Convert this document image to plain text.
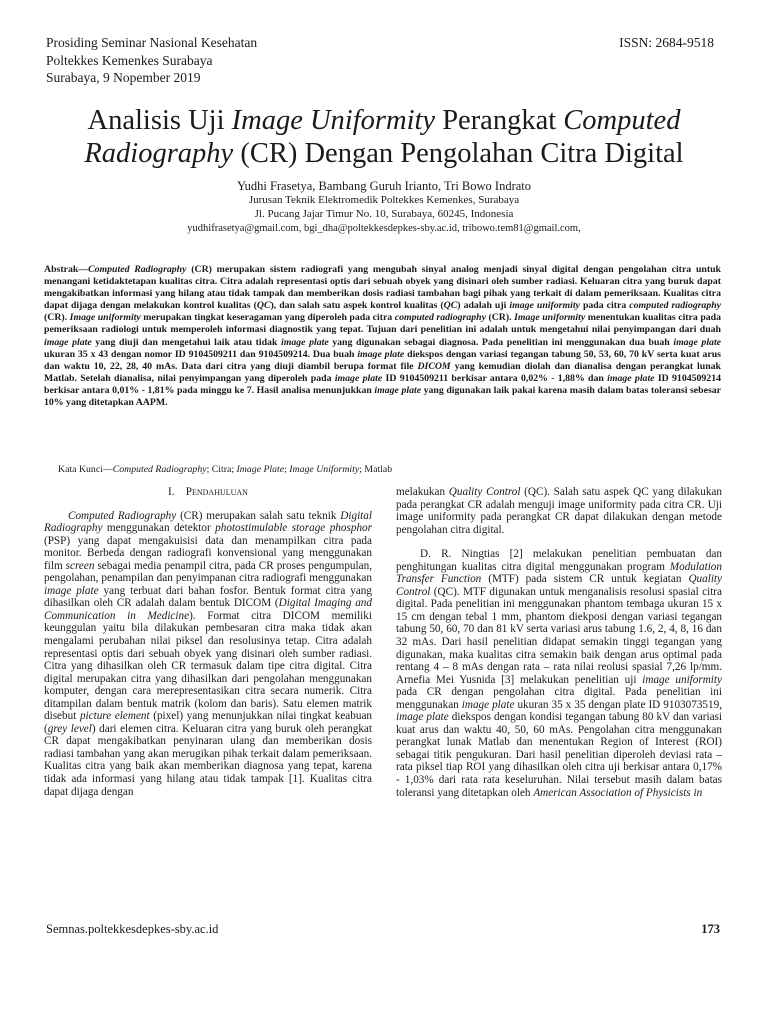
Prosiding Seminar Nasional Kesehatan
Poltekkes Kemenkes Surabaya
Surabaya, 9 Nopember 2019
ISSN: 2684-9518
Analisis Uji Image Uniformity Perangkat Computed
Radiography (CR) Dengan Pengolahan Citra Digital
Yudhi Frasetya, Bambang Guruh Irianto, Tri Bowo Indrato
Jurusan Teknik Elektromedik Poltekkes Kemenkes, Surabaya
Jl. Pucang Jajar Timur No. 10, Surabaya, 60245, Indonesia
yudhifrasetya@gmail.com, bgi_dha@poltekkesdepkes-sby.ac.id, tribowo.tem81@gmail.com,
Abstrak—Computed Radiography (CR) merupakan sistem radiografi yang mengubah sinyal analog menjadi sinyal digital dengan pengolahan citra untuk menangani ketidaktetapan kualitas citra. Citra adalah representasi optis dari sebuah obyek yang disinari oleh sumber radiasi. Keluaran citra yang buruk dapat mengakibatkan informasi yang hilang atau tidak tampak dan memberikan dosis radiasi tambahan bagi pihak yang terkait di dalam pemeriksaan. Kualitas citra dapat dijaga dengan melakukan kontrol kualitas (QC), dan salah satu aspek kontrol kualitas (QC) adalah uji image uniformity pada citra computed radiography (CR). Image uniformity merupakan tingkat keseragaman yang diperoleh pada citra computed radiography (CR). Image uniformity menentukan kualitas citra pada pemeriksaan radiologi untuk memperoleh informasi diagnostik yang tepat. Tujuan dari penelitian ini adalah untuk mengetahui nilai penyimpangan dari duah image plate yang diuji dan mengetahui laik atau tidak image plate yang digunakan sebagai diagnosa. Pada penelitian ini menggunakan dua buah image plate ukuran 35 x 43 dengan nomor ID 9104509211 dan 9104509214. Dua buah image plate diekspos dengan variasi tegangan tabung 50, 53, 60, 70 kV serta kuat arus dan waktu 10, 22, 28, 40 mAs. Data dari citra yang diuji diambil berupa format file DICOM yang kemudian diolah dan dianalisa dengan perangkat lunak Matlab. Setelah dianalisa, nilai penyimpangan yang diperoleh pada image plate ID 9104509211 berkisar antara 0,02% - 1,88% dan image plate ID 9104509214 berkisar antara 0,01% - 1,81% pada minggu ke 7. Hasil analisa menunjukkan image plate yang digunakan laik pakai karena masih dalam batas toleransi sebesar 10% yang ditetapkan AAPM.
Kata Kunci—Computed Radiography; Citra; Image Plate; Image Uniformity; Matlab
I. Pendahuluan

Computed Radiography (CR) merupakan salah satu teknik Digital Radiography menggunakan detektor photostimulable storage phosphor (PSP) yang dapat mengakuisisi data dan menampilkan citra pada monitor. Berbeda dengan radiografi konvensional yang menggunakan film screen sebagai media penampil citra, pada CR proses pengumpulan, pengolahan, penampilan dan penyimpanan citra radiografi menggunakan image plate yang terbuat dari bahan fosfor. Bentuk format citra yang dihasilkan oleh CR adalah dalam bentuk DICOM (Digital Imaging and Communication in Medicine). Format citra DICOM memiliki keunggulan yaitu bila dilakukan pembesaran citra maka tidak akan mengalami perubahan nilai piksel dan resolusinya tetap. Citra adalah representasi optis dari sebuah obyek yang disinari oleh sumber radiasi. Citra yang dihasilkan oleh CR termasuk dalam tipe citra digital. Citra digital merupakan citra yang dihasilkan dari pengolahan menggunakan komputer, dengan cara merepresentasikan citra secara numerik. Citra ditampilan dalam bentuk matrik (kolom dan baris). Satu elemen matrik disebut picture element (pixel) yang menunjukkan nilai tingkat keabuan (grey level) dari elemen citra. Keluaran citra yang buruk oleh perangkat CR dapat mengakibatkan penyinaran ulang dan memberikan dosis radiasi tambahan yang akan merugikan pihak terkait dalam pemeriksaan. Kualitas citra yang baik akan memberikan diagnosa yang tepat, karena tidak ada informasi yang hilang atau tidak tampak [1]. Kualitas citra dapat dijaga dengan

melakukan Quality Control (QC). Salah satu aspek QC yang dilakukan pada perangkat CR adalah menguji image uniformity pada citra CR. Uji image uniformity pada perangkat CR dapat dilakukan dengan metode pengolahan citra digital.

D. R. Ningtias [2] melakukan penelitian pembuatan dan penghitungan kualitas citra digital menggunakan program Modulation Transfer Function (MTF) pada sistem CR untuk kegiatan Quality Control (QC). MTF digunakan untuk menganalisis resolusi spasial citra digital. Pada penelitian ini menggunakan phantom tembaga ukuran 15 x 15 cm dengan tebal 1 mm, phantom diekposi dengan variasi tegangan tabung 50, 60, 70 dan 81 kV serta variasi arus tabung 1.6, 2, 4, 8, 16 dan 32 mAs. Dari hasil penelitian didapat semakin tinggi tegangan yang digunakan, maka kualitas citra semakin baik dengan arus optimal pada rentang 4 – 8 mAs dengan rata – rata nilai reolusi spasial 7,26 lp/mm. Arnefia Mei Yusnida [3] melakukan penelitian uji image uniformity pada CR dengan pengolahan citra digital. Pada penelitian ini menggunakan image plate ukuran 35 x 35 dengan plate ID 9103073519, image plate diekspos dengan kondisi tegangan tabung 80 kV dan variasi kuat arus dan waktu 40, 50, 60 mAs. Pengolahan citra menggunakan perangkat lunak Matlab dan menentukan Region of Interest (ROI) sebagai titik pengukuran. Dari hasil penelitian diperoleh deviasi rata – rata piksel tiap ROI yang dihasilkan oleh citra uji berkisar antara 0,17% - 1,03% dari rata rata keseluruhan. Nilai tersebut masih dalam batas toleransi yang ditetapkan oleh American Association of Physicists in

Semnas.poltekkesdepkes-sby.ac.id	173
